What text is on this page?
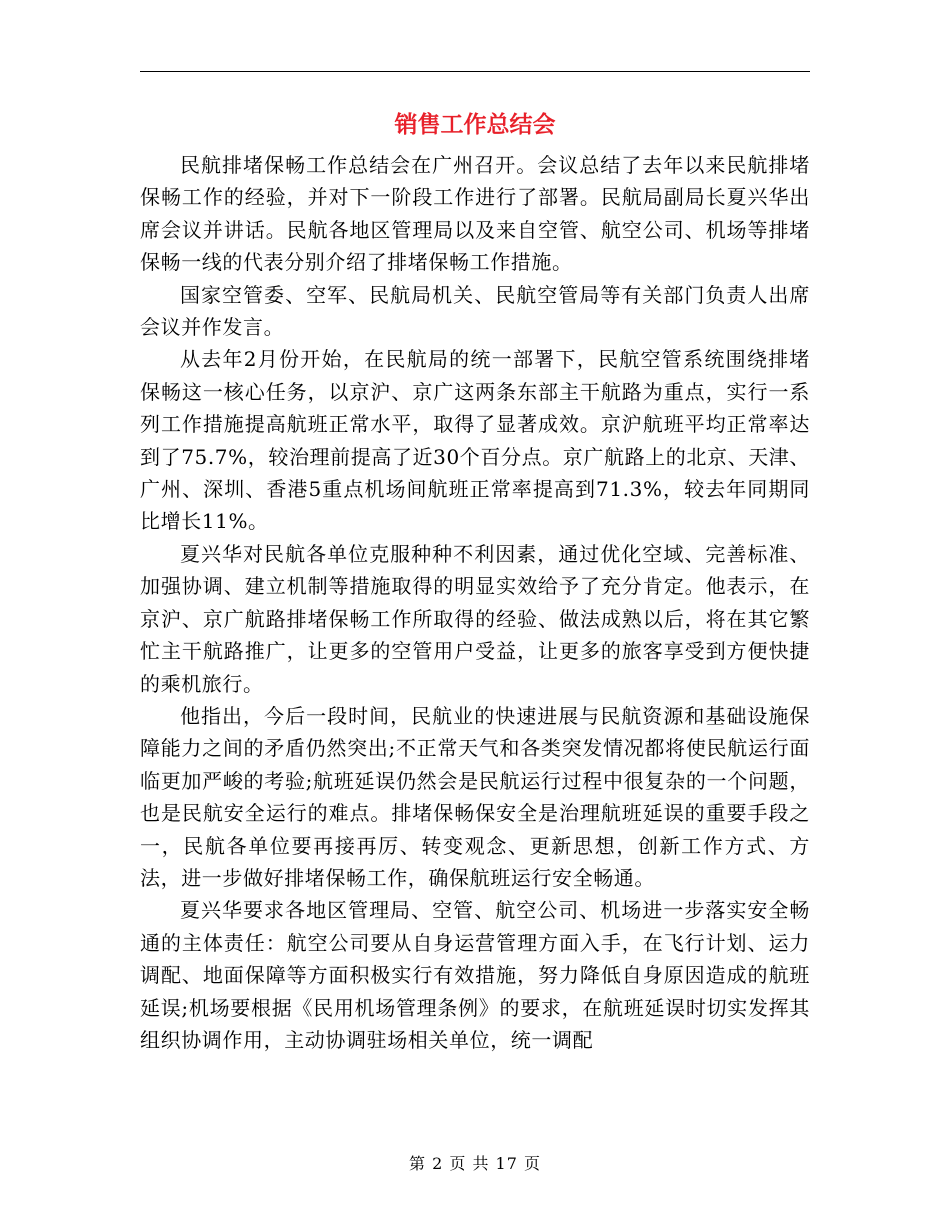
销售工作总结会

民航排堵保畅工作总结会在广州召开。会议总结了去年以来民航排堵保畅工作的经验，并对下一阶段工作进行了部署。民航局副局长夏兴华出席会议并讲话。民航各地区管理局以及来自空管、航空公司、机场等排堵保畅一线的代表分别介绍了排堵保畅工作措施。

国家空管委、空军、民航局机关、民航空管局等有关部门负责人出席会议并作发言。

从去年2月份开始，在民航局的统一部署下，民航空管系统围绕排堵保畅这一核心任务，以京沪、京广这两条东部主干航路为重点，实行一系列工作措施提高航班正常水平，取得了显著成效。京沪航班平均正常率达到了75.7%，较治理前提高了近30个百分点。京广航路上的北京、天津、广州、深圳、香港5重点机场间航班正常率提高到71.3%，较去年同期同比增长11%。

夏兴华对民航各单位克服种种不利因素，通过优化空域、完善标准、加强协调、建立机制等措施取得的明显实效给予了充分肯定。他表示，在京沪、京广航路排堵保畅工作所取得的经验、做法成熟以后，将在其它繁忙主干航路推广，让更多的空管用户受益，让更多的旅客享受到方便快捷的乘机旅行。

他指出，今后一段时间，民航业的快速进展与民航资源和基础设施保障能力之间的矛盾仍然突出;不正常天气和各类突发情况都将使民航运行面临更加严峻的考验;航班延误仍然会是民航运行过程中很复杂的一个问题，也是民航安全运行的难点。排堵保畅保安全是治理航班延误的重要手段之一，民航各单位要再接再厉、转变观念、更新思想，创新工作方式、方法，进一步做好排堵保畅工作，确保航班运行安全畅通。

夏兴华要求各地区管理局、空管、航空公司、机场进一步落实安全畅通的主体责任：航空公司要从自身运营管理方面入手，在飞行计划、运力调配、地面保障等方面积极实行有效措施，努力降低自身原因造成的航班延误;机场要根据《民用机场管理条例》的要求，在航班延误时切实发挥其组织协调作用，主动协调驻场相关单位，统一调配

第 2 页 共 17 页
